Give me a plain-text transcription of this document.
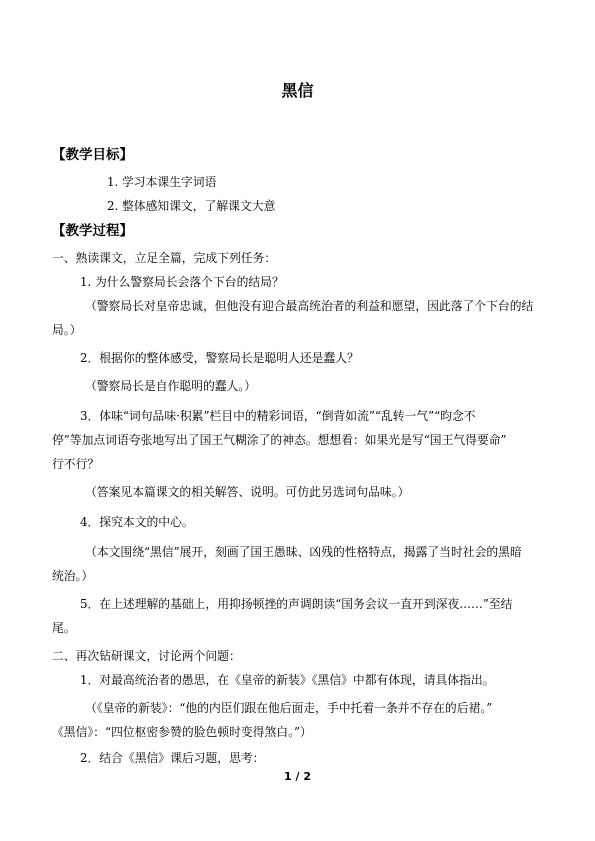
黑信
【教学目标】
1. 学习本课生字词语
2. 整体感知课文，了解课文大意
【教学过程】
一、熟读课文，立足全篇，完成下列任务：
1. 为什么警察局长会落个下台的结局？
（警察局长对皇帝忠诚，但他没有迎合最高统治者的利益和愿望，因此落了个下台的结
局。）
2．根据你的整体感受，警察局长是聪明人还是蠢人？
（警察局长是自作聪明的蠢人。）
3．体味“词句品味·积累”栏目中的精彩词语，“倒背如流”“乱转一气”“昀念不
停”等加点词语夸张地写出了国王气糊涂了的神态。想想看：如果光是写“国王气得要命”
行不行？
（答案见本篇课文的相关解答、说明。可仿此另选词句品味。）
4．探究本文的中心。
（本文围绕“黑信”展开，刻画了国王愚昧、凶残的性格特点，揭露了当时社会的黑暗
统治。）
5．在上述理解的基础上，用抑扬顿挫的声调朗读“国务会议一直开到深夜……”至结
尾。
二、再次钻研课文，讨论两个问题：
1．对最高统治者的愚思，在《皇帝的新装》《黑信》中都有体现，请具体指出。
（《皇帝的新装》：“他的内臣们跟在他后面走，手中托着一条并不存在的后裙。”
《黑信》：“四位枢密参赞的脸色顿时变得煞白。”）
2．结合《黑信》课后习题，思考：
1 / 2
